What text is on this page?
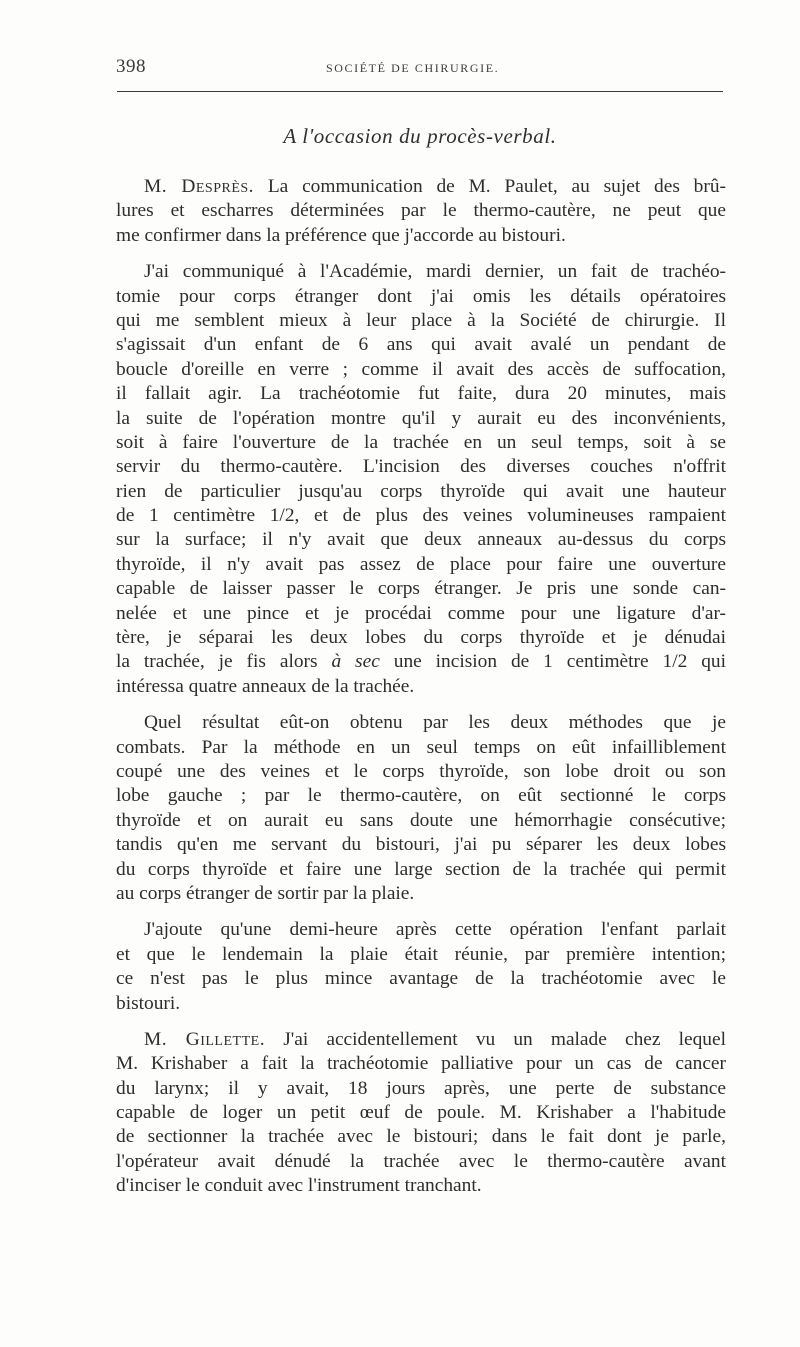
398	SOCIÉTÉ DE CHIRURGIE.
A l'occasion du procès-verbal.

M. Desprès. La communication de M. Paulet, au sujet des brû-
lures et escharres déterminées par le thermo-cautère, ne peut que
me confirmer dans la préférence que j'accorde au bistouri.

J'ai communiqué à l'Académie, mardi dernier, un fait de trachéo-
tomie pour corps étranger dont j'ai omis les détails opératoires
qui me semblent mieux à leur place à la Société de chirurgie. Il
s'agissait d'un enfant de 6 ans qui avait avalé un pendant de
boucle d'oreille en verre ; comme il avait des accès de suffocation,
il fallait agir. La trachéotomie fut faite, dura 20 minutes, mais
la suite de l'opération montre qu'il y aurait eu des inconvénients,
soit à faire l'ouverture de la trachée en un seul temps, soit à se
servir du thermo-cautère. L'incision des diverses couches n'offrit
rien de particulier jusqu'au corps thyroïde qui avait une hauteur
de 1 centimètre 1/2, et de plus des veines volumineuses rampaient
sur la surface; il n'y avait que deux anneaux au-dessus du corps
thyroïde, il n'y avait pas assez de place pour faire une ouverture
capable de laisser passer le corps étranger. Je pris une sonde can-
nelée et une pince et je procédai comme pour une ligature d'ar-
tère, je séparai les deux lobes du corps thyroïde et je dénudai
la trachée, je fis alors à sec une incision de 1 centimètre 1/2 qui
intéressa quatre anneaux de la trachée.

Quel résultat eût-on obtenu par les deux méthodes que je
combats. Par la méthode en un seul temps on eût infailliblement
coupé une des veines et le corps thyroïde, son lobe droit ou son
lobe gauche ; par le thermo-cautère, on eût sectionné le corps
thyroïde et on aurait eu sans doute une hémorrhagie consécutive;
tandis qu'en me servant du bistouri, j'ai pu séparer les deux lobes
du corps thyroïde et faire une large section de la trachée qui permit
au corps étranger de sortir par la plaie.

J'ajoute qu'une demi-heure après cette opération l'enfant parlait
et que le lendemain la plaie était réunie, par première intention;
ce n'est pas le plus mince avantage de la trachéotomie avec le
bistouri.

M. Gillette. J'ai accidentellement vu un malade chez lequel
M. Krishaber a fait la trachéotomie palliative pour un cas de cancer
du larynx; il y avait, 18 jours après, une perte de substance
capable de loger un petit œuf de poule. M. Krishaber a l'habitude
de sectionner la trachée avec le bistouri; dans le fait dont je parle,
l'opérateur avait dénudé la trachée avec le thermo-cautère avant
d'inciser le conduit avec l'instrument tranchant.
